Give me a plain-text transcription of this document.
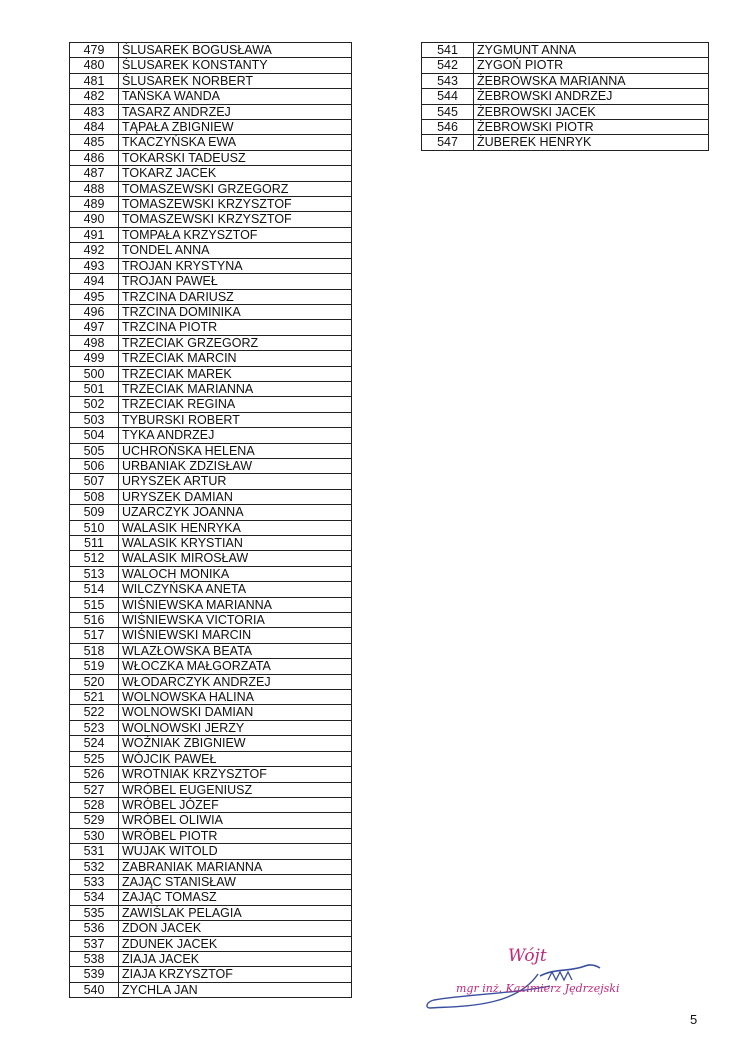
479	ŚLUSAREK BOGUSŁAWA
480	ŚLUSAREK KONSTANTY
481	ŚLUSAREK NORBERT
482	TAŃSKA WANDA
483	TASARZ ANDRZEJ
484	TĄPAŁA ZBIGNIEW
485	TKACZYŃSKA EWA
486	TOKARSKI TADEUSZ
487	TOKARZ JACEK
488	TOMASZEWSKI GRZEGORZ
489	TOMASZEWSKI KRZYSZTOF
490	TOMASZEWSKI KRZYSZTOF
491	TOMPAŁA KRZYSZTOF
492	TONDEL ANNA
493	TROJAN KRYSTYNA
494	TROJAN PAWEŁ
495	TRZCINA DARIUSZ
496	TRZCINA DOMINIKA
497	TRZCINA PIOTR
498	TRZECIAK GRZEGORZ
499	TRZECIAK MARCIN
500	TRZECIAK MAREK
501	TRZECIAK MARIANNA
502	TRZECIAK REGINA
503	TYBURSKI ROBERT
504	TYKA ANDRZEJ
505	UCHROŃSKA HELENA
506	URBANIAK ZDZISŁAW
507	URYSZEK ARTUR
508	URYSZEK DAMIAN
509	UZARCZYK JOANNA
510	WALASIK HENRYKA
511	WALASIK KRYSTIAN
512	WALASIK MIROSŁAW
513	WALOCH MONIKA
514	WILCZYŃSKA ANETA
515	WIŚNIEWSKA MARIANNA
516	WIŚNIEWSKA VICTORIA
517	WIŚNIEWSKI MARCIN
518	WLAZŁOWSKA BEATA
519	WŁOCZKA MAŁGORZATA
520	WŁODARCZYK ANDRZEJ
521	WOLNOWSKA HALINA
522	WOLNOWSKI DAMIAN
523	WOLNOWSKI JERZY
524	WOŹNIAK ZBIGNIEW
525	WÓJCIK PAWEŁ
526	WROTNIAK KRZYSZTOF
527	WRÓBEL EUGENIUSZ
528	WRÓBEL JÓZEF
529	WRÓBEL OLIWIA
530	WRÓBEL PIOTR
531	WUJAK WITOLD
532	ZABRANIAK MARIANNA
533	ZAJĄC STANISŁAW
534	ZAJĄC TOMASZ
535	ZAWIŚLAK PELAGIA
536	ZDON JACEK
537	ZDUNEK JACEK
538	ZIAJA JACEK
539	ZIAJA KRZYSZTOF
540	ZYCHLA JAN
541	ZYGMUNT ANNA
542	ZYGOŃ PIOTR
543	ŻEBROWSKA MARIANNA
544	ŻEBROWSKI ANDRZEJ
545	ŻEBROWSKI JACEK
546	ŻEBROWSKI PIOTR
547	ŻUBEREK HENRYK
Wójt
mgr inż. Kazimierz Jędrzejski
5
